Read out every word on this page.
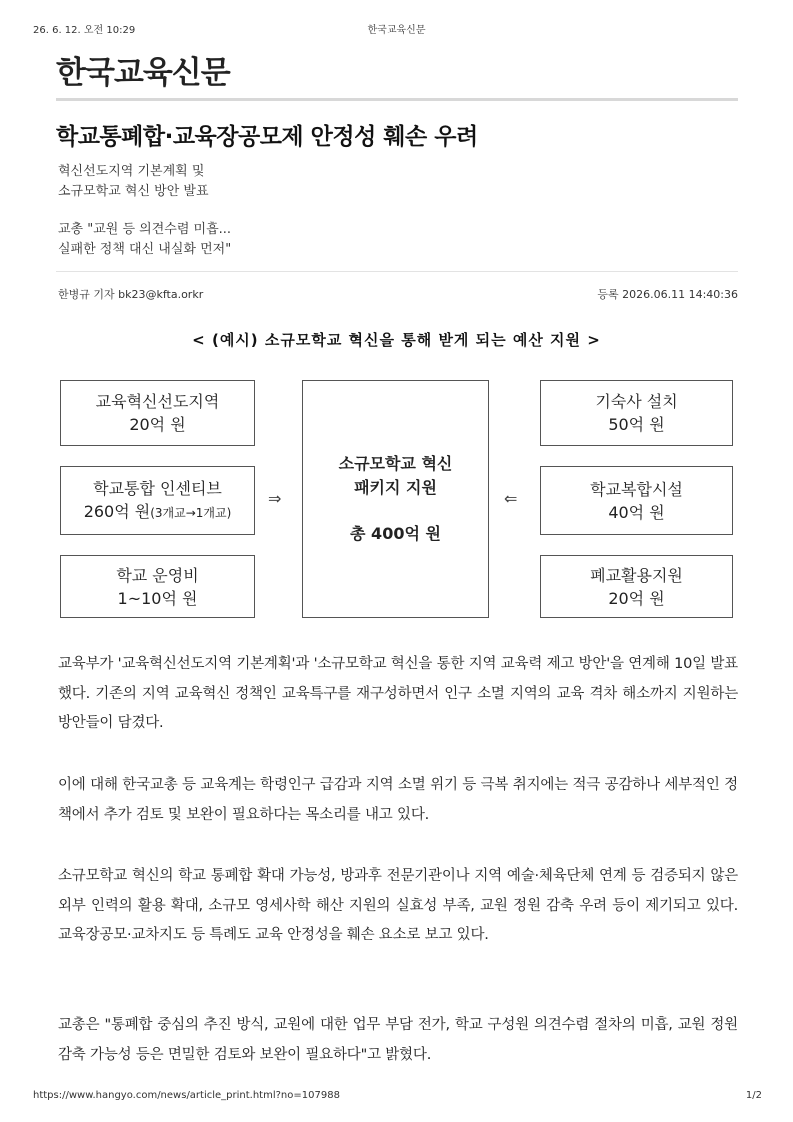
26. 6. 12. 오전 10:29	한국교육신문
한국교육신문
학교통폐합·교육장공모제 안정성 훼손 우려
혁신선도지역 기본계획 및
소규모학교 혁신 방안 발표
교총 "교원 등 의견수렴 미흡...
실패한 정책 대신 내실화 먼저"
한병규 기자 bk23@kfta.orkr	등록 2026.06.11 14:40:36
< (예시) 소규모학교 혁신을 통해 받게 되는 예산 지원 >
교육혁신선도지역
20억 원
학교통합 인센티브
260억 원(3개교→1개교)
학교 운영비
1~10억 원
⇒	⇐
소규모학교 혁신
패키지 지원
총 400억 원
기숙사 설치
50억 원
학교복합시설
40억 원
폐교활용지원
20억 원
교육부가 '교육혁신선도지역 기본계획'과 '소규모학교 혁신을 통한 지역 교육력 제고 방안'을 연계해 10일 발표했다. 기존의 지역 교육혁신 정책인 교육특구를 재구성하면서 인구 소멸 지역의 교육 격차 해소까지 지원하는 방안들이 담겼다.
이에 대해 한국교총 등 교육계는 학령인구 급감과 지역 소멸 위기 등 극복 취지에는 적극 공감하나 세부적인 정책에서 추가 검토 및 보완이 필요하다는 목소리를 내고 있다.
소규모학교 혁신의 학교 통폐합 확대 가능성, 방과후 전문기관이나 지역 예술·체육단체 연계 등 검증되지 않은 외부 인력의 활용 확대, 소규모 영세사학 해산 지원의 실효성 부족, 교원 정원 감축 우려 등이 제기되고 있다. 교육장공모·교차지도 등 특례도 교육 안정성을 훼손 요소로 보고 있다.
교총은 "통폐합 중심의 추진 방식, 교원에 대한 업무 부담 전가, 학교 구성원 의견수렴 절차의 미흡, 교원 정원 감축 가능성 등은 면밀한 검토와 보완이 필요하다"고 밝혔다.
https://www.hangyo.com/news/article_print.html?no=107988	1/2
